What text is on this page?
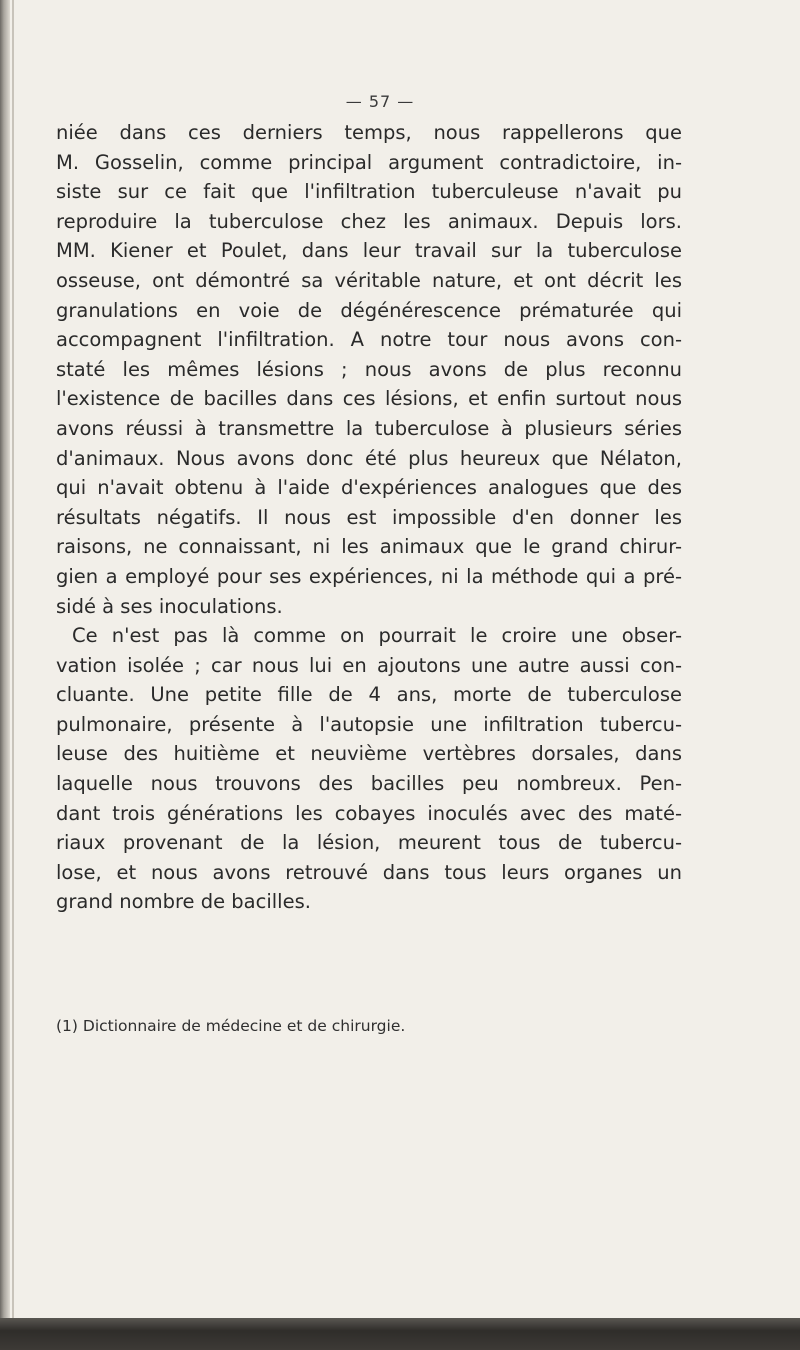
— 57 —
niée dans ces derniers temps, nous rappellerons que
M. Gosselin, comme principal argument contradictoire, in-
siste sur ce fait que l'infiltration tuberculeuse n'avait pu
reproduire la tuberculose chez les animaux. Depuis lors.
MM. Kiener et Poulet, dans leur travail sur la tuberculose
osseuse, ont démontré sa véritable nature, et ont décrit les
granulations en voie de dégénérescence prématurée qui
accompagnent l'infiltration. A notre tour nous avons con-
staté les mêmes lésions ; nous avons de plus reconnu
l'existence de bacilles dans ces lésions, et enfin surtout nous
avons réussi à transmettre la tuberculose à plusieurs séries
d'animaux. Nous avons donc été plus heureux que Nélaton,
qui n'avait obtenu à l'aide d'expériences analogues que des
résultats négatifs. Il nous est impossible d'en donner les
raisons, ne connaissant, ni les animaux que le grand chirur-
gien a employé pour ses expériences, ni la méthode qui a pré-
sidé à ses inoculations.
Ce n'est pas là comme on pourrait le croire une obser-
vation isolée ; car nous lui en ajoutons une autre aussi con-
cluante. Une petite fille de 4 ans, morte de tuberculose
pulmonaire, présente à l'autopsie une infiltration tubercu-
leuse des huitième et neuvième vertèbres dorsales, dans
laquelle nous trouvons des bacilles peu nombreux. Pen-
dant trois générations les cobayes inoculés avec des maté-
riaux provenant de la lésion, meurent tous de tubercu-
lose, et nous avons retrouvé dans tous leurs organes un
grand nombre de bacilles.
(1) Dictionnaire de médecine et de chirurgie.
